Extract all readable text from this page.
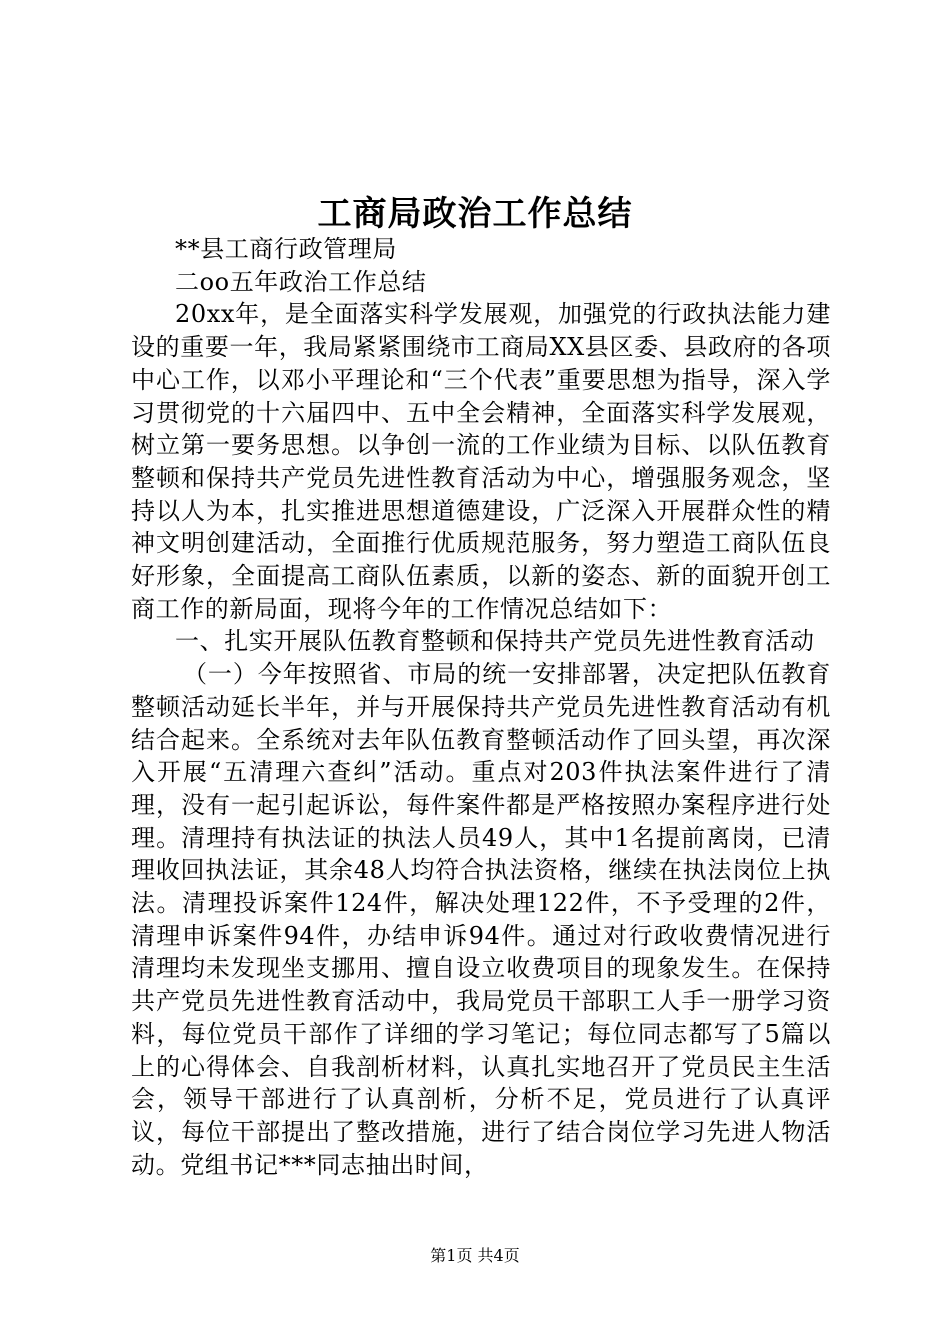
工商局政治工作总结

**县工商行政管理局

二oo五年政治工作总结

20xx年，是全面落实科学发展观，加强党的行政执法能力建设的重要一年，我局紧紧围绕市工商局XX县区委、县政府的各项中心工作，以邓小平理论和“三个代表”重要思想为指导，深入学习贯彻党的十六届四中、五中全会精神，全面落实科学发展观，树立第一要务思想。以争创一流的工作业绩为目标、以队伍教育整顿和保持共产党员先进性教育活动为中心，增强服务观念，坚持以人为本，扎实推进思想道德建设，广泛深入开展群众性的精神文明创建活动，全面推行优质规范服务，努力塑造工商队伍良好形象，全面提高工商队伍素质，以新的姿态、新的面貌开创工商工作的新局面，现将今年的工作情况总结如下：

一、扎实开展队伍教育整顿和保持共产党员先进性教育活动

（一）今年按照省、市局的统一安排部署，决定把队伍教育整顿活动延长半年，并与开展保持共产党员先进性教育活动有机结合起来。全系统对去年队伍教育整顿活动作了回头望，再次深入开展“五清理六查纠”活动。重点对203件执法案件进行了清理，没有一起引起诉讼，每件案件都是严格按照办案程序进行处理。清理持有执法证的执法人员49人，其中1名提前离岗，已清理收回执法证，其余48人均符合执法资格，继续在执法岗位上执法。清理投诉案件124件，解决处理122件，不予受理的2件，清理申诉案件94件，办结申诉94件。通过对行政收费情况进行清理均未发现坐支挪用、擅自设立收费项目的现象发生。在保持共产党员先进性教育活动中，我局党员干部职工人手一册学习资料，每位党员干部作了详细的学习笔记；每位同志都写了5篇以上的心得体会、自我剖析材料，认真扎实地召开了党员民主生活会，领导干部进行了认真剖析，分析不足，党员进行了认真评议，每位干部提出了整改措施，进行了结合岗位学习先进人物活动。党组书记***同志抽出时间，

第1页 共4页
